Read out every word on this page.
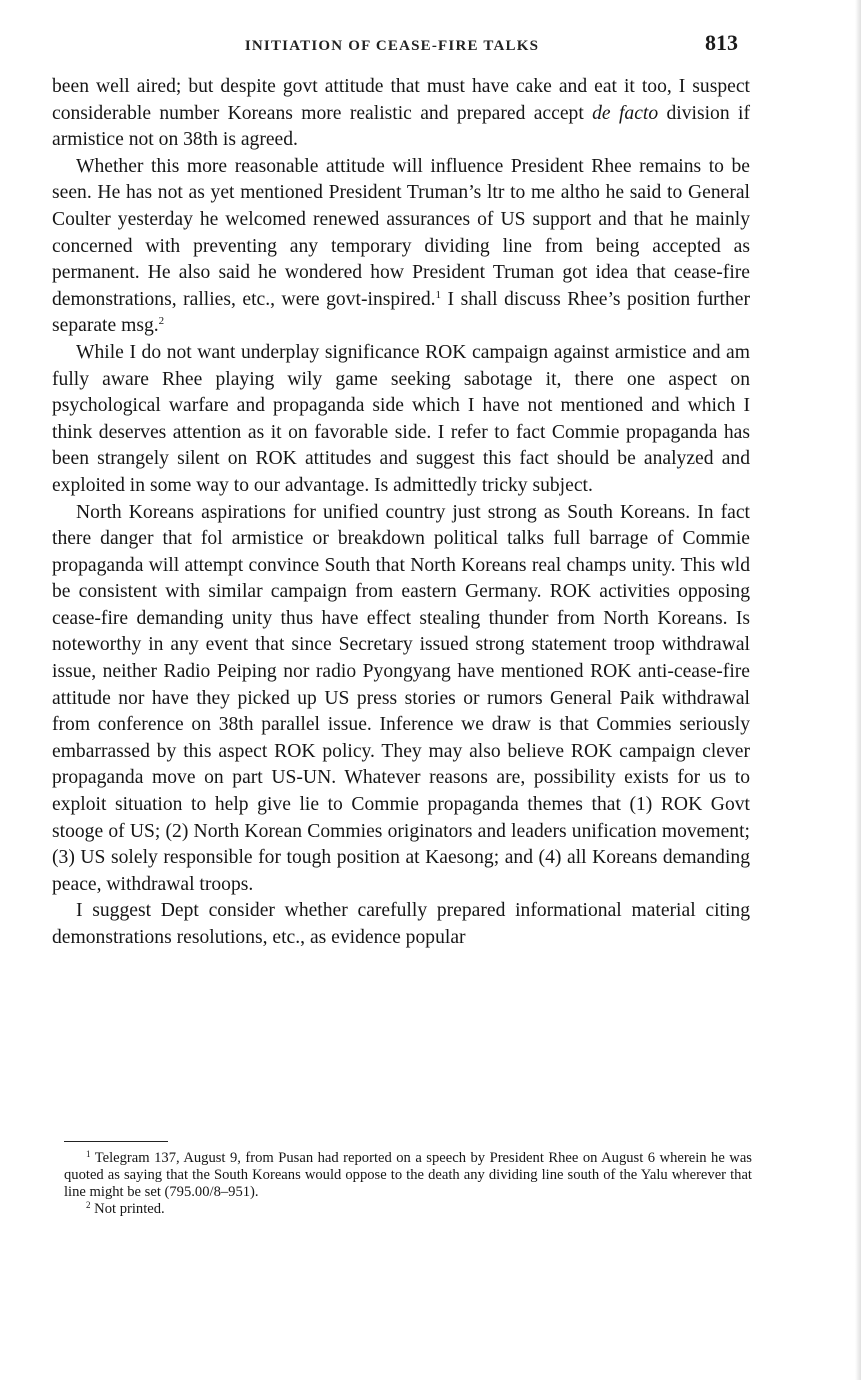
INITIATION OF CEASE-FIRE TALKS	813

been well aired; but despite govt attitude that must have cake and eat it too, I suspect considerable number Koreans more realistic and prepared accept de facto division if armistice not on 38th is agreed.

Whether this more reasonable attitude will influence President Rhee remains to be seen. He has not as yet mentioned President Truman’s ltr to me altho he said to General Coulter yesterday he welcomed renewed assurances of US support and that he mainly concerned with preventing any temporary dividing line from being accepted as permanent. He also said he wondered how President Truman got idea that cease-fire demonstrations, rallies, etc., were govt-inspired.$^1$ I shall discuss Rhee’s position further separate msg.$^2$

While I do not want underplay significance ROK campaign against armistice and am fully aware Rhee playing wily game seeking sabotage it, there one aspect on psychological warfare and propaganda side which I have not mentioned and which I think deserves attention as it on favorable side. I refer to fact Commie propaganda has been strangely silent on ROK attitudes and suggest this fact should be analyzed and exploited in some way to our advantage. Is admittedly tricky subject.

North Koreans aspirations for unified country just strong as South Koreans. In fact there danger that fol armistice or breakdown political talks full barrage of Commie propaganda will attempt convince South that North Koreans real champs unity. This wld be consistent with similar campaign from eastern Germany. ROK activities opposing cease-fire demanding unity thus have effect stealing thunder from North Koreans. Is noteworthy in any event that since Secretary issued strong statement troop withdrawal issue, neither Radio Peiping nor radio Pyongyang have mentioned ROK anti-cease-fire attitude nor have they picked up US press stories or rumors General Paik withdrawal from conference on 38th parallel issue. Inference we draw is that Commies seriously embarrassed by this aspect ROK policy. They may also believe ROK campaign clever propaganda move on part US-UN. Whatever reasons are, possibility exists for us to exploit situation to help give lie to Commie propaganda themes that (1) ROK Govt stooge of US; (2) North Korean Commies originators and leaders unification movement; (3) US solely responsible for tough position at Kaesong; and (4) all Koreans demanding peace, withdrawal troops.

I suggest Dept consider whether carefully prepared informational material citing demonstrations resolutions, etc., as evidence popular

$^1$ Telegram 137, August 9, from Pusan had reported on a speech by President Rhee on August 6 wherein he was quoted as saying that the South Koreans would oppose to the death any dividing line south of the Yalu wherever that line might be set (795.00/8–951).

$^2$ Not printed.
